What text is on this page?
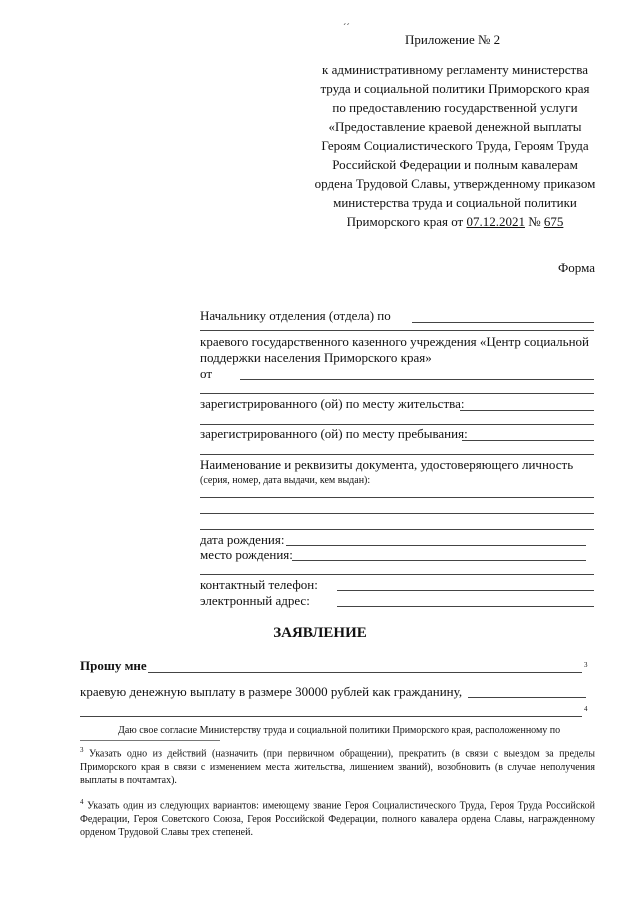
´´
Приложение № 2
к административному регламенту министерства
труда и социальной политики Приморского края
по предоставлению государственной услуги
«Предоставление краевой денежной выплаты
Героям Социалистического Труда, Героям Труда
Российской Федерации и полным кавалерам
ордена Трудовой Славы, утвержденному приказом
министерства труда и социальной политики
Приморского края от 07.12.2021 № 675
Форма
Начальнику отделения (отдела) по
краевого государственного казенного учреждения «Центр социальной
поддержки населения Приморского края»
от
зарегистрированного (ой) по месту жительства:
зарегистрированного (ой) по месту пребывания:
Наименование и реквизиты документа, удостоверяющего личность
(серия, номер, дата выдачи, кем выдан):
дата рождения:
место рождения:
контактный телефон:
электронный адрес:
ЗАЯВЛЕНИЕ
Прошу мне	3
краевую денежную выплату в размере 30000 рублей как гражданину,
4
Даю свое согласие Министерству труда и социальной политики Приморского края, расположенному по
$^3$ Указать одно из действий (назначить (при первичном обращении), прекратить (в связи с выездом за пределы Приморского края в связи с изменением места жительства, лишением званий), возобновить (в случае неполучения выплаты в почтамтах).
$^4$ Указать один из следующих вариантов: имеющему звание Героя Социалистического Труда, Героя Труда Российской Федерации, Героя Советского Союза, Героя Российской Федерации, полного кавалера ордена Славы, награжденному орденом Трудовой Славы трех степеней.
